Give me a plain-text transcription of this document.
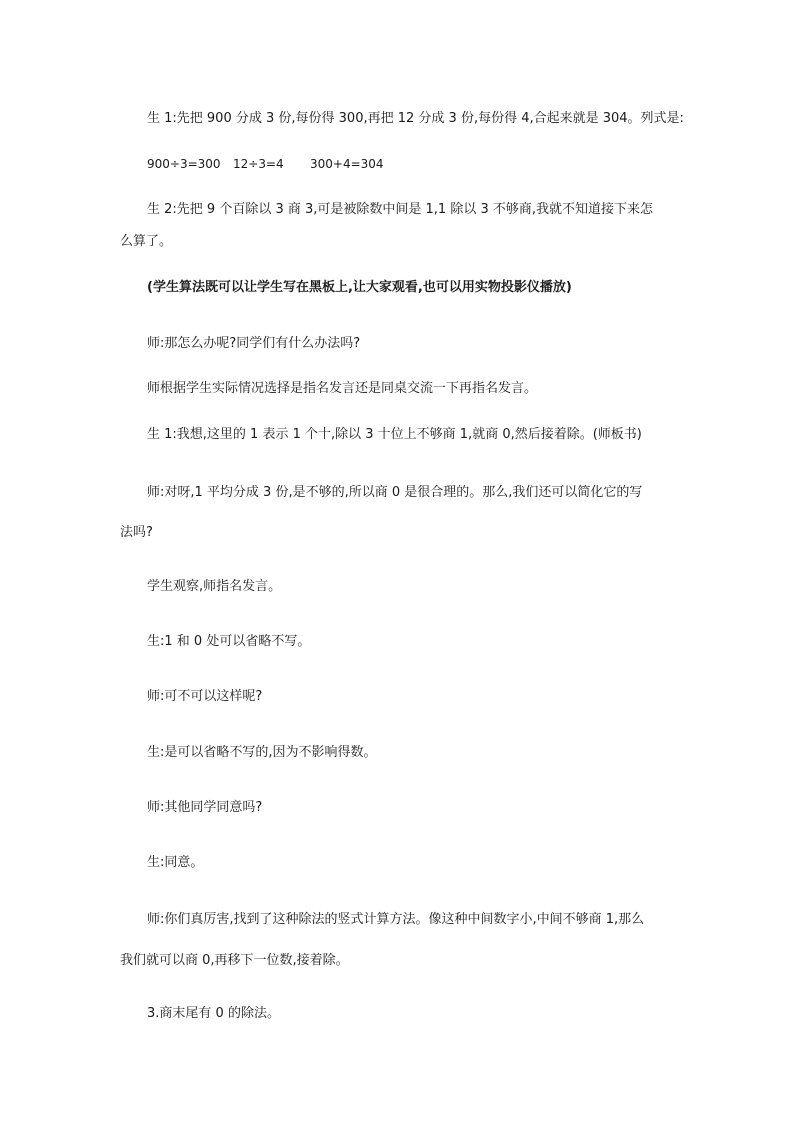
生 1:先把 900 分成 3 份,每份得 300,再把 12 分成 3 份,每份得 4,合起来就是 304。列式是:
900÷3=300 12÷3=4 300+4=304
生 2:先把 9 个百除以 3 商 3,可是被除数中间是 1,1 除以 3 不够商,我就不知道接下来怎
么算了。
(学生算法既可以让学生写在黑板上,让大家观看,也可以用实物投影仪播放)
师:那怎么办呢?同学们有什么办法吗?
师根据学生实际情况选择是指名发言还是同桌交流一下再指名发言。
生 1:我想,这里的 1 表示 1 个十,除以 3 十位上不够商 1,就商 0,然后接着除。(师板书)
师:对呀,1 平均分成 3 份,是不够的,所以商 0 是很合理的。那么,我们还可以简化它的写
法吗?
学生观察,师指名发言。
生:1 和 0 处可以省略不写。
师:可不可以这样呢?
生:是可以省略不写的,因为不影响得数。
师:其他同学同意吗?
生:同意。
师:你们真厉害,找到了这种除法的竖式计算方法。像这种中间数字小,中间不够商 1,那么
我们就可以商 0,再移下一位数,接着除。
3.商末尾有 0 的除法。
